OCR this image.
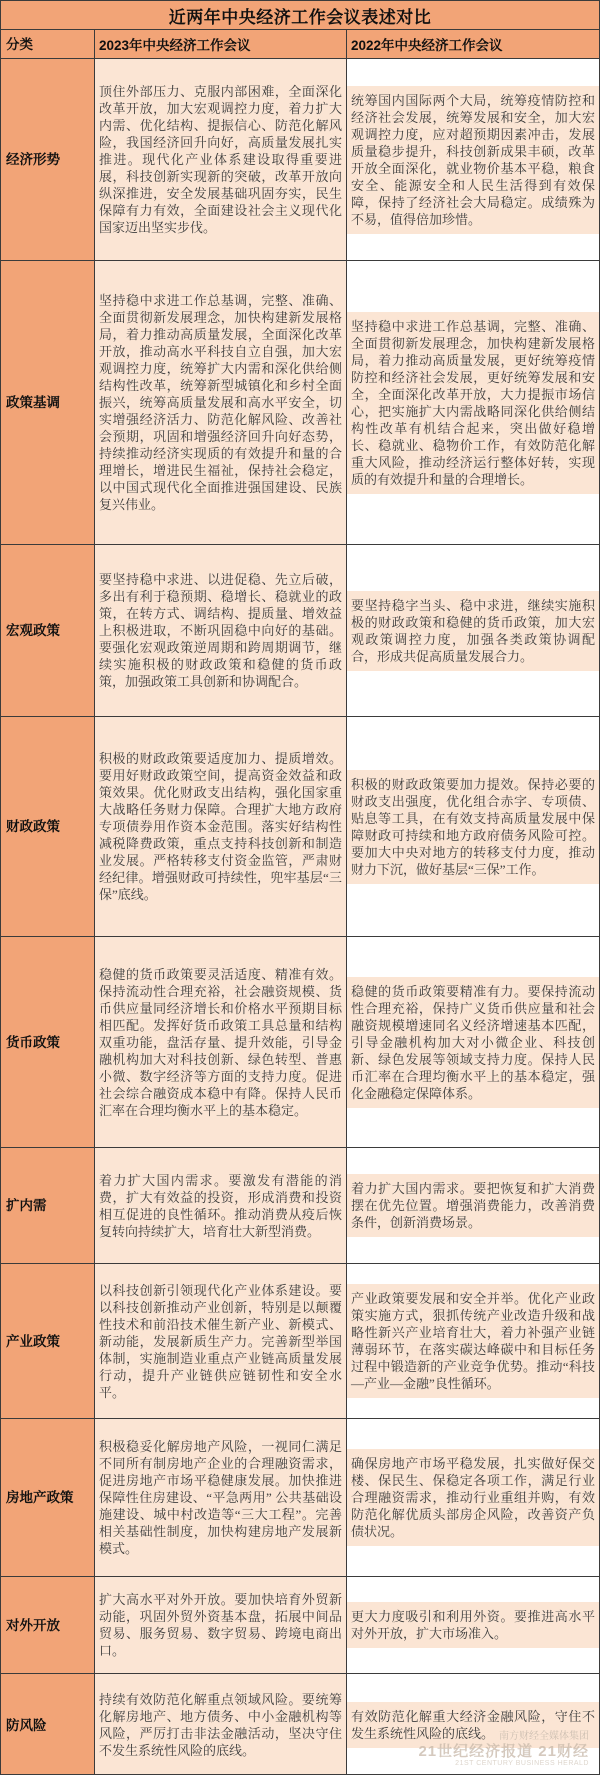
近两年中央经济工作会议表述对比
分类	2023年中央经济工作会议	2022年中央经济工作会议
经济形势

顶住外部压力、克服内部困难，全面深化改革开放，加大宏观调控力度，着力扩大内需、优化结构、提振信心、防范化解风险，我国经济回升向好，高质量发展扎实推进。现代化产业体系建设取得重要进展，科技创新实现新的突破，改革开放向纵深推进，安全发展基础巩固夯实，民生保障有力有效，全面建设社会主义现代化国家迈出坚实步伐。

统筹国内国际两个大局，统筹疫情防控和经济社会发展，统筹发展和安全，加大宏观调控力度，应对超预期因素冲击，发展质量稳步提升，科技创新成果丰硕，改革开放全面深化，就业物价基本平稳，粮食安全、能源安全和人民生活得到有效保障，保持了经济社会大局稳定。成绩殊为不易，值得倍加珍惜。

政策基调

坚持稳中求进工作总基调，完整、准确、全面贯彻新发展理念，加快构建新发展格局，着力推动高质量发展，全面深化改革开放，推动高水平科技自立自强，加大宏观调控力度，统筹扩大内需和深化供给侧结构性改革，统筹新型城镇化和乡村全面振兴，统筹高质量发展和高水平安全，切实增强经济活力、防范化解风险、改善社会预期，巩固和增强经济回升向好态势，持续推动经济实现质的有效提升和量的合理增长，增进民生福祉，保持社会稳定，以中国式现代化全面推进强国建设、民族复兴伟业。

坚持稳中求进工作总基调，完整、准确、全面贯彻新发展理念，加快构建新发展格局，着力推动高质量发展，更好统筹疫情防控和经济社会发展，更好统筹发展和安全，全面深化改革开放，大力提振市场信心，把实施扩大内需战略同深化供给侧结构性改革有机结合起来，突出做好稳增长、稳就业、稳物价工作，有效防范化解重大风险，推动经济运行整体好转，实现质的有效提升和量的合理增长。

宏观政策

要坚持稳中求进、以进促稳、先立后破，多出有利于稳预期、稳增长、稳就业的政策，在转方式、调结构、提质量、增效益上积极进取，不断巩固稳中向好的基础。要强化宏观政策逆周期和跨周期调节，继续实施积极的财政政策和稳健的货币政策，加强政策工具创新和协调配合。

要坚持稳字当头、稳中求进，继续实施积极的财政政策和稳健的货币政策，加大宏观政策调控力度，加强各类政策协调配合，形成共促高质量发展合力。

财政政策

积极的财政政策要适度加力、提质增效。要用好财政政策空间，提高资金效益和政策效果。优化财政支出结构，强化国家重大战略任务财力保障。合理扩大地方政府专项债券用作资本金范围。落实好结构性减税降费政策，重点支持科技创新和制造业发展。严格转移支付资金监管，严肃财经纪律。增强财政可持续性，兜牢基层“三保”底线。

积极的财政政策要加力提效。保持必要的财政支出强度，优化组合赤字、专项债、贴息等工具，在有效支持高质量发展中保障财政可持续和地方政府债务风险可控。要加大中央对地方的转移支付力度，推动财力下沉，做好基层“三保”工作。

货币政策

稳健的货币政策要灵活适度、精准有效。保持流动性合理充裕，社会融资规模、货币供应量同经济增长和价格水平预期目标相匹配。发挥好货币政策工具总量和结构双重功能，盘活存量、提升效能，引导金融机构加大对科技创新、绿色转型、普惠小微、数字经济等方面的支持力度。促进社会综合融资成本稳中有降。保持人民币汇率在合理均衡水平上的基本稳定。

稳健的货币政策要精准有力。要保持流动性合理充裕，保持广义货币供应量和社会融资规模增速同名义经济增速基本匹配，引导金融机构加大对小微企业、科技创新、绿色发展等领域支持力度。保持人民币汇率在合理均衡水平上的基本稳定，强化金融稳定保障体系。

扩内需

着力扩大国内需求。要激发有潜能的消费，扩大有效益的投资，形成消费和投资相互促进的良性循环。推动消费从疫后恢复转向持续扩大，培育壮大新型消费。

着力扩大国内需求。要把恢复和扩大消费摆在优先位置。增强消费能力，改善消费条件，创新消费场景。

产业政策

以科技创新引领现代化产业体系建设。要以科技创新推动产业创新，特别是以颠覆性技术和前沿技术催生新产业、新模式、新动能，发展新质生产力。完善新型举国体制，实施制造业重点产业链高质量发展行动，提升产业链供应链韧性和安全水平。

产业政策要发展和安全并举。优化产业政策实施方式，狠抓传统产业改造升级和战略性新兴产业培育壮大，着力补强产业链薄弱环节，在落实碳达峰碳中和目标任务过程中锻造新的产业竞争优势。推动“科技—产业—金融”良性循环。

房地产政策

积极稳妥化解房地产风险，一视同仁满足不同所有制房地产企业的合理融资需求，促进房地产市场平稳健康发展。加快推进保障性住房建设、“平急两用” 公共基础设施建设、城中村改造等“三大工程”。完善相关基础性制度，加快构建房地产发展新模式。

确保房地产市场平稳发展，扎实做好保交楼、保民生、保稳定各项工作，满足行业合理融资需求，推动行业重组并购，有效防范化解优质头部房企风险，改善资产负债状况。

对外开放

扩大高水平对外开放。要加快培育外贸新动能，巩固外贸外资基本盘，拓展中间品贸易、服务贸易、数字贸易、跨境电商出口。

更大力度吸引和利用外资。要推进高水平对外开放，扩大市场准入。

防风险

持续有效防范化解重点领域风险。要统筹化解房地产、地方债务、中小金融机构等风险，严厉打击非法金融活动，坚决守住不发生系统性风险的底线。

有效防范化解重大经济金融风险，守住不发生系统性风险的底线。 南方财经全媒体集团
21世纪经济报道 21财经
21ST CENTURY BUSINESS HERALD
